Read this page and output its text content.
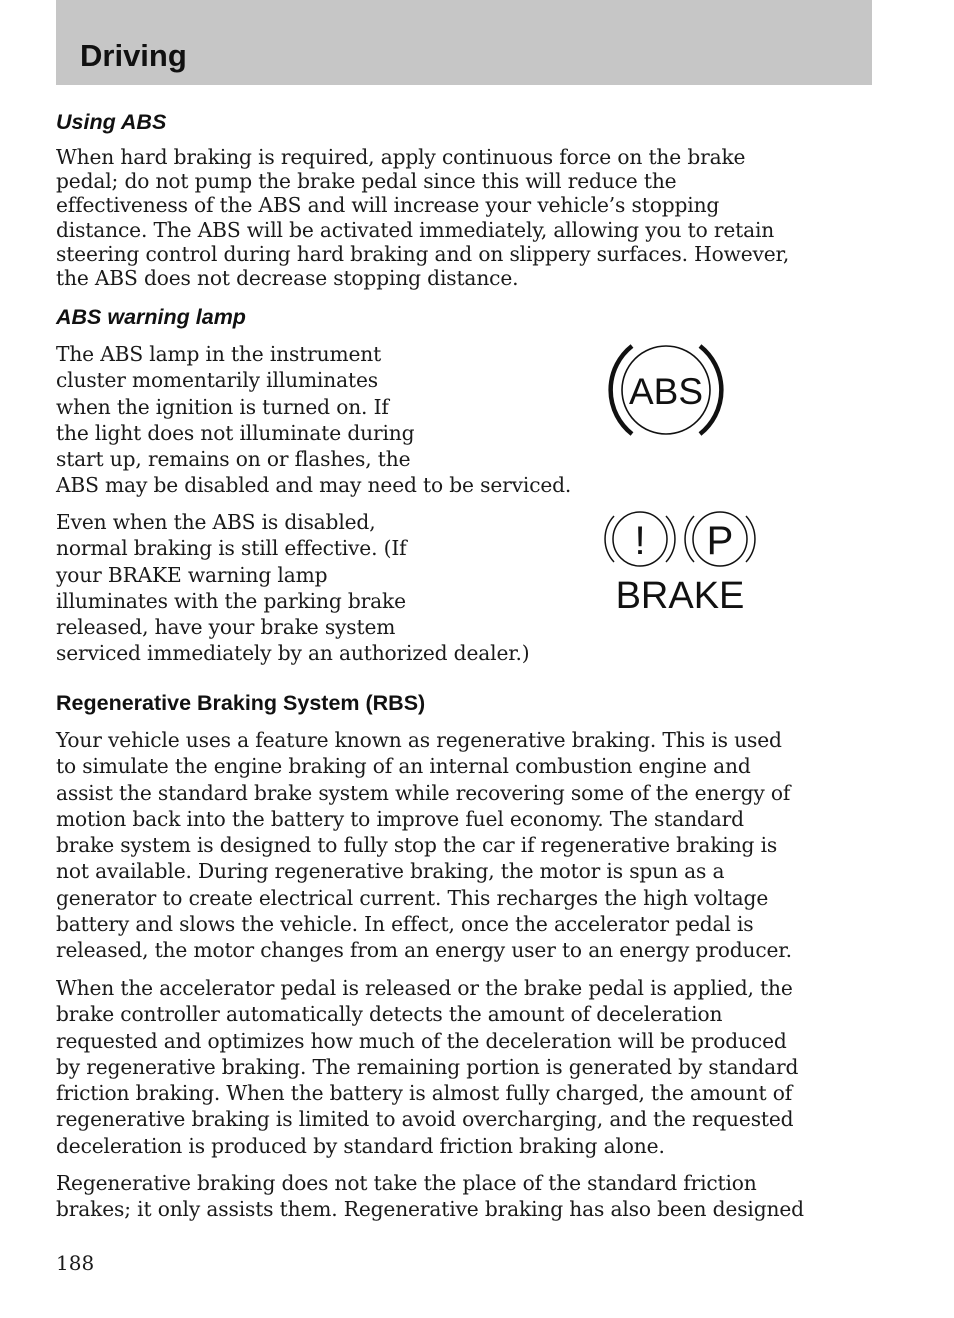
Driving
Using ABS

When hard braking is required, apply continuous force on the brake
pedal; do not pump the brake pedal since this will reduce the
effectiveness of the ABS and will increase your vehicle’s stopping
distance. The ABS will be activated immediately, allowing you to retain
steering control during hard braking and on slippery surfaces. However,
the ABS does not decrease stopping distance.

ABS warning lamp

The ABS lamp in the instrument
cluster momentarily illuminates
when the ignition is turned on. If
the light does not illuminate during
start up, remains on or flashes, the
ABS may be disabled and may need to be serviced.

ABS

Even when the ABS is disabled,
normal braking is still effective. (If
your BRAKE warning lamp
illuminates with the parking brake
released, have your brake system
serviced immediately by an authorized dealer.)

! P
BRAKE
Regenerative Braking System (RBS)

Your vehicle uses a feature known as regenerative braking. This is used
to simulate the engine braking of an internal combustion engine and
assist the standard brake system while recovering some of the energy of
motion back into the battery to improve fuel economy. The standard
brake system is designed to fully stop the car if regenerative braking is
not available. During regenerative braking, the motor is spun as a
generator to create electrical current. This recharges the high voltage
battery and slows the vehicle. In effect, once the accelerator pedal is
released, the motor changes from an energy user to an energy producer.

When the accelerator pedal is released or the brake pedal is applied, the
brake controller automatically detects the amount of deceleration
requested and optimizes how much of the deceleration will be produced
by regenerative braking. The remaining portion is generated by standard
friction braking. When the battery is almost fully charged, the amount of
regenerative braking is limited to avoid overcharging, and the requested
deceleration is produced by standard friction braking alone.

Regenerative braking does not take the place of the standard friction
brakes; it only assists them. Regenerative braking has also been designed

188
